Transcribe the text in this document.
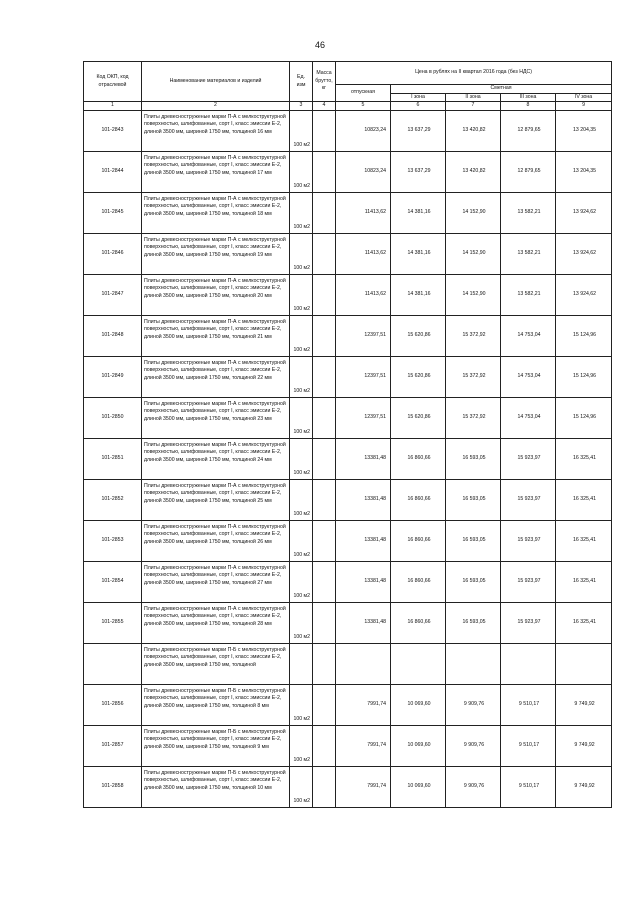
46
Код ОКП, код отраслевой	Наименование материалов и изделий	Ед. изм	Масса брутто, кг	Цена в рублях на II квартал 2016 года (без НДС)				
				отпускная	Сметная			
					I зона	II зона	III зона	IV зона
1	2	3	4	5	6	7	8	9
101-2843	Плиты древесноструженые марки П-А с мелкоструктурной поверхностью, шлифованные, сорт I, класс эмиссии Е-2, длиной 3500 мм, шириной 1750 мм, толщиной 16 мм	100 м2		10823,24	13 637,29	13 420,82	12 879,65	13 204,35
101-2844	Плиты древесноструженые марки П-А с мелкоструктурной поверхностью, шлифованные, сорт I, класс эмиссии Е-2, длиной 3500 мм, шириной 1750 мм, толщиной 17 мм	100 м2		10823,24	13 637,29	13 420,82	12 879,65	13 204,35
101-2845	Плиты древесноструженые марки П-А с мелкоструктурной поверхностью, шлифованные, сорт I, класс эмиссии Е-2, длиной 3500 мм, шириной 1750 мм, толщиной 18 мм	100 м2		11413,62	14 381,16	14 152,90	13 582,21	13 924,62
101-2846	Плиты древесноструженые марки П-А с мелкоструктурной поверхностью, шлифованные, сорт I, класс эмиссии Е-2, длиной 3500 мм, шириной 1750 мм, толщиной 19 мм	100 м2		11413,62	14 381,16	14 152,90	13 582,21	13 924,62
101-2847	Плиты древесноструженые марки П-А с мелкоструктурной поверхностью, шлифованные, сорт I, класс эмиссии Е-2, длиной 3500 мм, шириной 1750 мм, толщиной 20 мм	100 м2		11413,62	14 381,16	14 152,90	13 582,21	13 924,62
101-2848	Плиты древесноструженые марки П-А с мелкоструктурной поверхностью, шлифованные, сорт I, класс эмиссии Е-2, длиной 3500 мм, шириной 1750 мм, толщиной 21 мм	100 м2		12397,51	15 620,86	15 372,92	14 753,04	15 124,96
101-2849	Плиты древесноструженые марки П-А с мелкоструктурной поверхностью, шлифованные, сорт I, класс эмиссии Е-2, длиной 3500 мм, шириной 1750 мм, толщиной 22 мм	100 м2		12397,51	15 620,86	15 372,92	14 753,04	15 124,96
101-2850	Плиты древесноструженые марки П-А с мелкоструктурной поверхностью, шлифованные, сорт I, класс эмиссии Е-2, длиной 3500 мм, шириной 1750 мм, толщиной 23 мм	100 м2		12397,51	15 620,86	15 372,92	14 753,04	15 124,96
101-2851	Плиты древесноструженые марки П-А с мелкоструктурной поверхностью, шлифованные, сорт I, класс эмиссии Е-2, длиной 3500 мм, шириной 1750 мм, толщиной 24 мм	100 м2		13381,48	16 860,66	16 593,05	15 923,97	16 325,41
101-2852	Плиты древесноструженые марки П-А с мелкоструктурной поверхностью, шлифованные, сорт I, класс эмиссии Е-2, длиной 3500 мм, шириной 1750 мм, толщиной 25 мм	100 м2		13381,48	16 860,66	16 593,05	15 923,97	16 325,41
101-2853	Плиты древесноструженые марки П-А с мелкоструктурной поверхностью, шлифованные, сорт I, класс эмиссии Е-2, длиной 3500 мм, шириной 1750 мм, толщиной 26 мм	100 м2		13381,48	16 860,66	16 593,05	15 923,97	16 325,41
101-2854	Плиты древесноструженые марки П-А с мелкоструктурной поверхностью, шлифованные, сорт I, класс эмиссии Е-2, длиной 3500 мм, шириной 1750 мм, толщиной 27 мм	100 м2		13381,48	16 860,66	16 593,05	15 923,97	16 325,41
101-2855	Плиты древесноструженые марки П-А с мелкоструктурной поверхностью, шлифованные, сорт I, класс эмиссии Е-2, длиной 3500 мм, шириной 1750 мм, толщиной 28 мм	100 м2		13381,48	16 860,66	16 593,05	15 923,97	16 325,41
	Плиты древесноструженые марки П-Б с мелкоструктурной поверхностью, шлифованные, сорт I, класс эмиссии Е-2, длиной 3500 мм, шириной 1750 мм, толщиной							
101-2856	Плиты древесноструженые марки П-Б с мелкоструктурной поверхностью, шлифованные, сорт I, класс эмиссии Е-2, длиной 3500 мм, шириной 1750 мм, толщиной 8 мм	100 м2		7991,74	10 069,60	9 909,76	9 510,17	9 749,92
101-2857	Плиты древесноструженые марки П-Б с мелкоструктурной поверхностью, шлифованные, сорт I, класс эмиссии Е-2, длиной 3500 мм, шириной 1750 мм, толщиной 9 мм	100 м2		7991,74	10 069,60	9 909,76	9 510,17	9 749,92
101-2858	Плиты древесноструженые марки П-Б с мелкоструктурной поверхностью, шлифованные, сорт I, класс эмиссии Е-2, длиной 3500 мм, шириной 1750 мм, толщиной 10 мм	100 м2		7991,74	10 069,60	9 909,76	9 510,17	9 749,92
